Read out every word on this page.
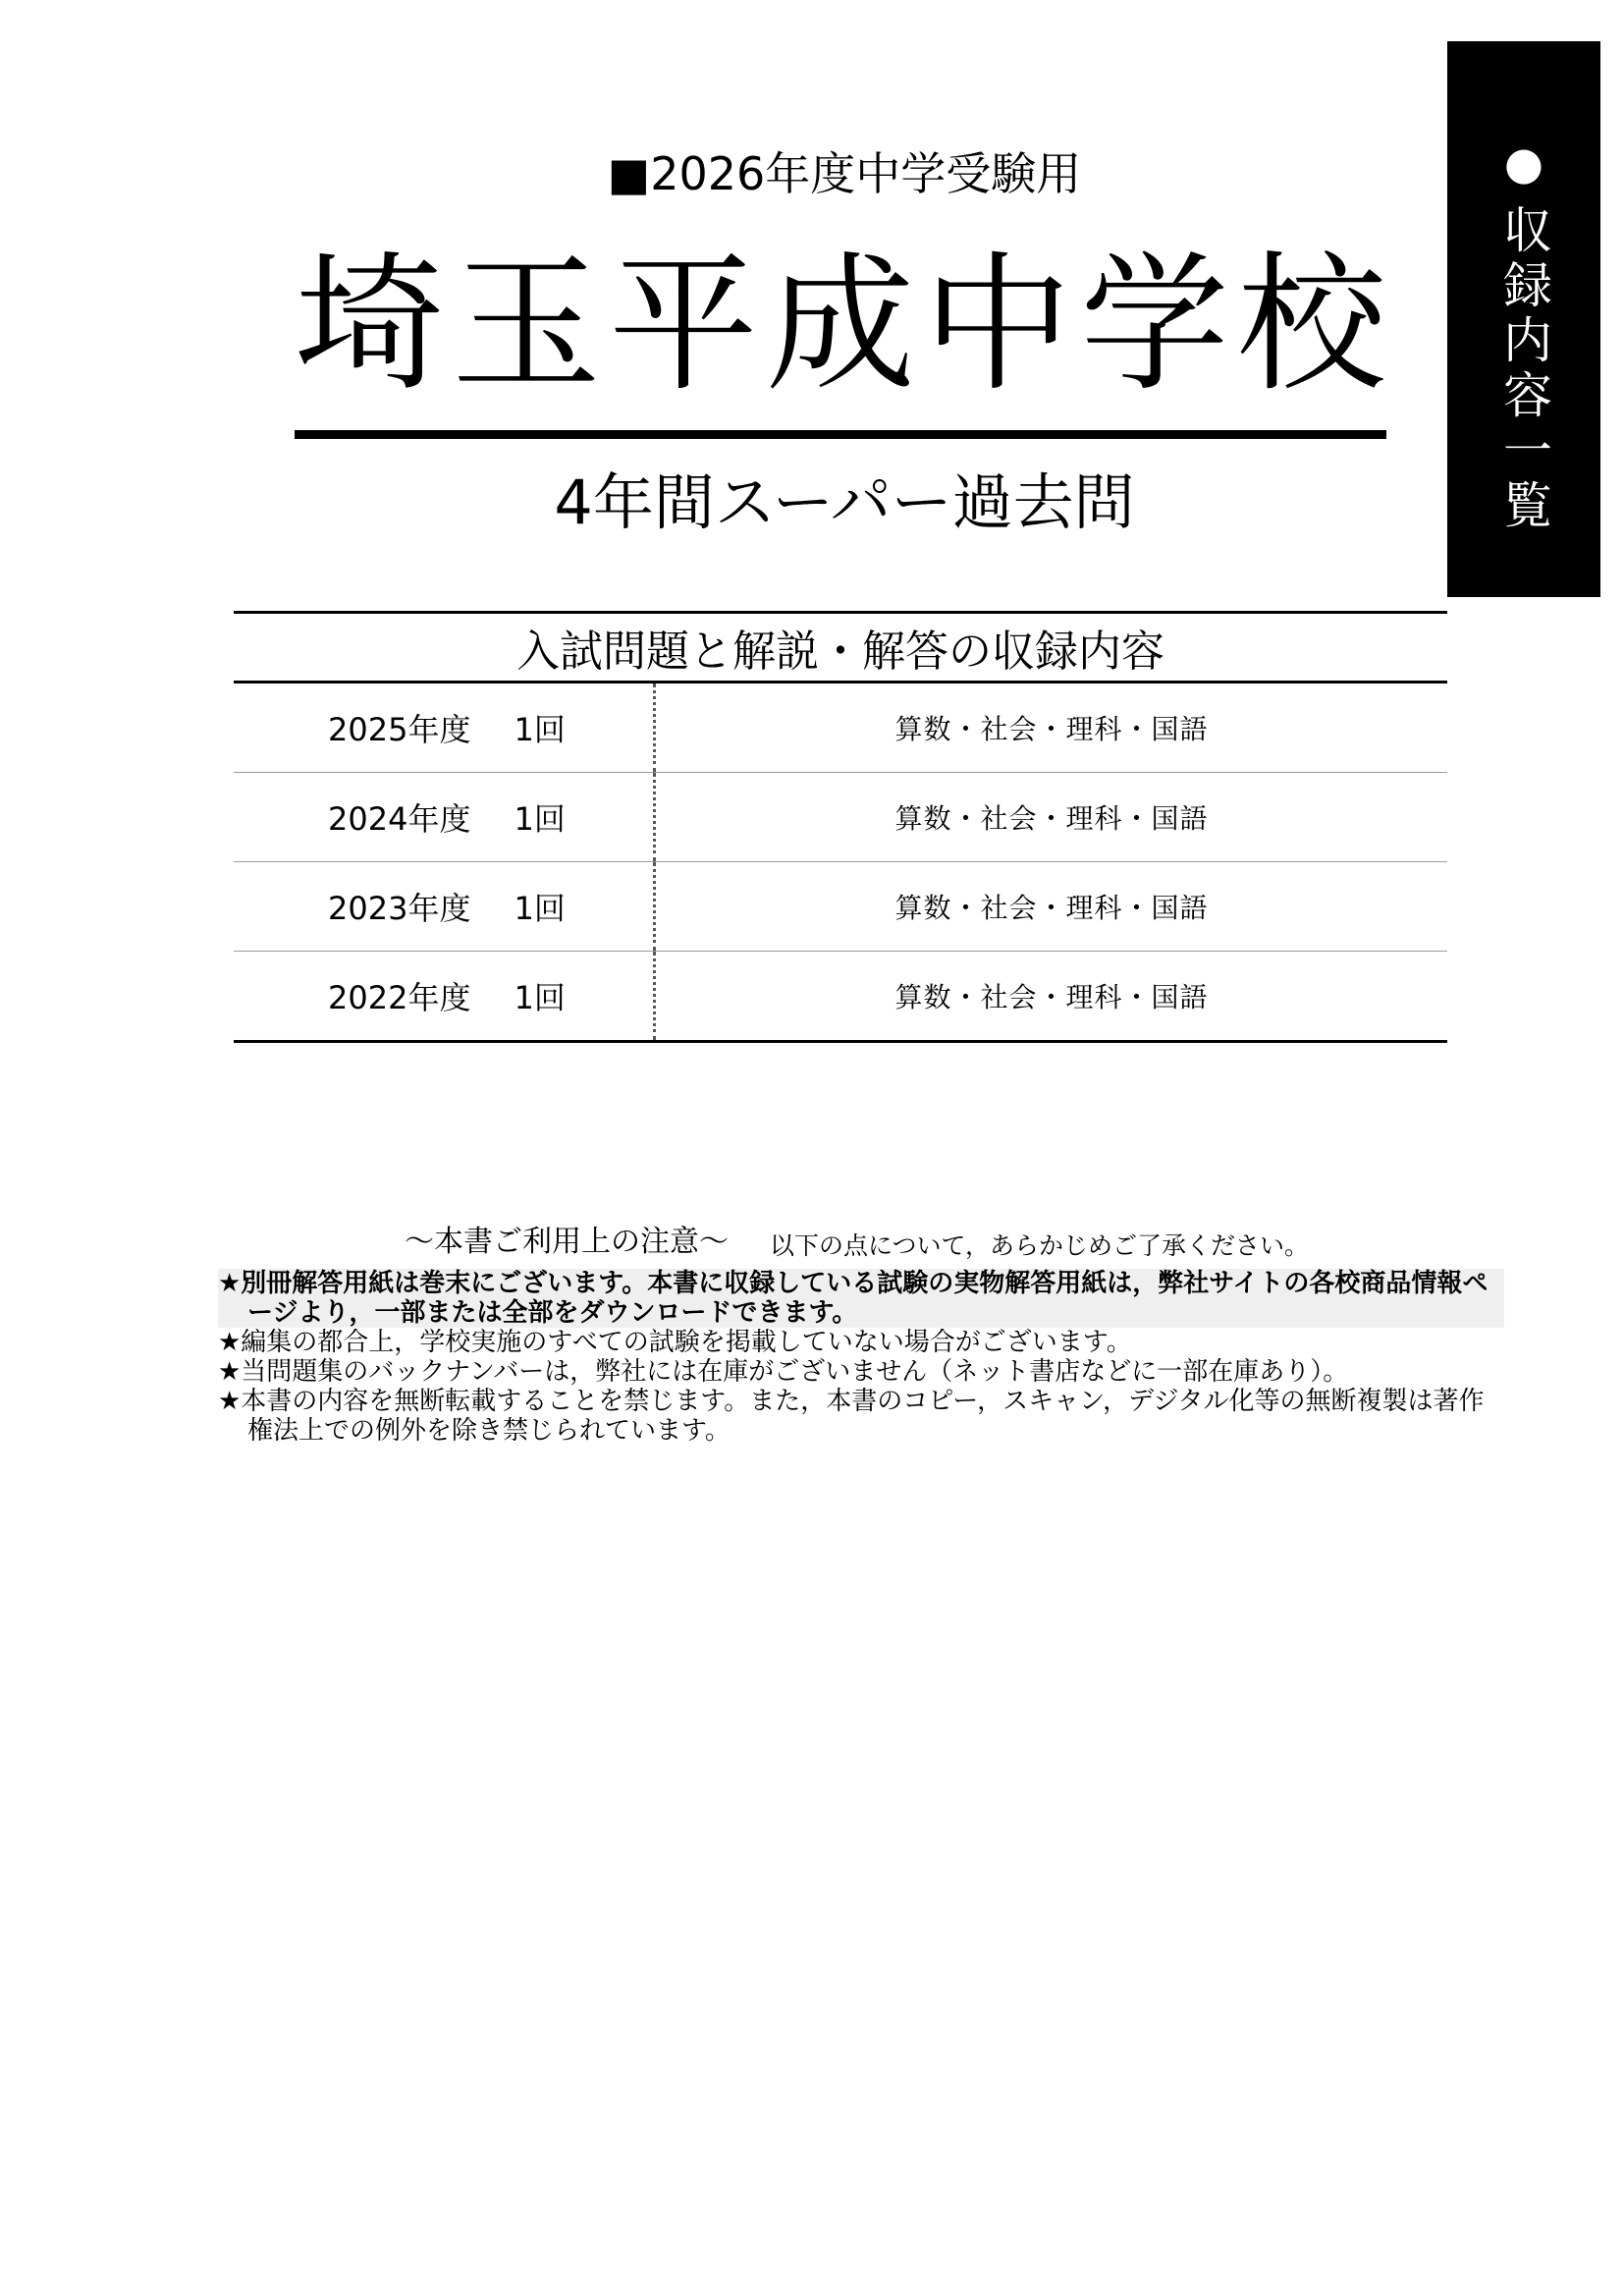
●
収録内容一覧
■2026年度中学受験用
埼玉平成中学校
4年間スーパー過去問
入試問題と解説・解答の収録内容
2025年度 1回	算数・社会・理科・国語
2024年度 1回	算数・社会・理科・国語
2023年度 1回	算数・社会・理科・国語
2022年度 1回	算数・社会・理科・国語
〜本書ご利用上の注意〜 以下の点について，あらかじめご了承ください。
★別冊解答用紙は巻末にございます。本書に収録している試験の実物解答用紙は，弊社サイトの各校商品情報ページより，一部または全部をダウンロードできます。
★編集の都合上，学校実施のすべての試験を掲載していない場合がございます。
★当問題集のバックナンバーは，弊社には在庫がございません（ネット書店などに一部在庫あり）。
★本書の内容を無断転載することを禁じます。また，本書のコピー，スキャン，デジタル化等の無断複製は著作権法上での例外を除き禁じられています。
